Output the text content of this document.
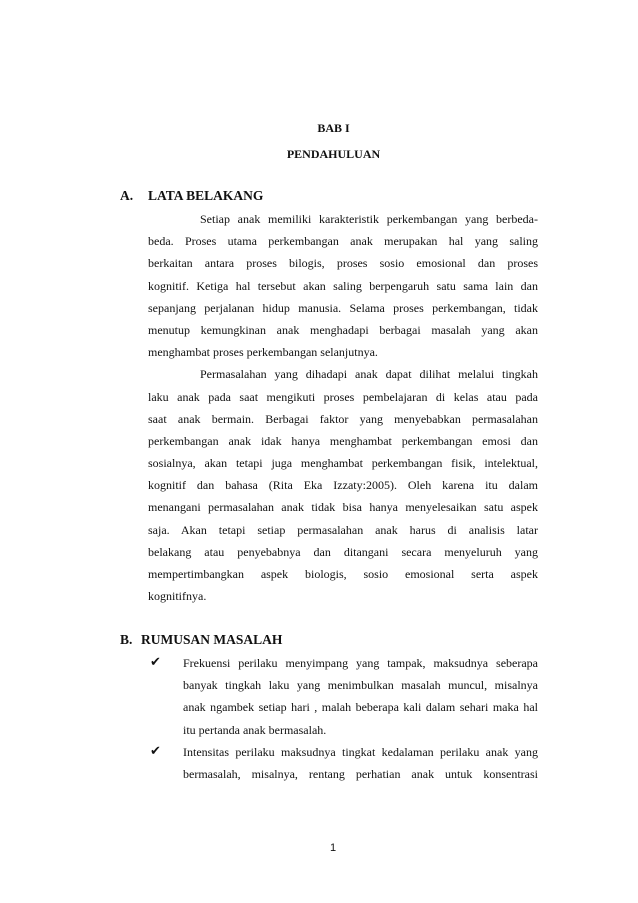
BAB I
PENDAHULUAN
A. LATA BELAKANG
Setiap anak memiliki karakteristik perkembangan yang berbeda-
beda. Proses utama perkembangan anak merupakan hal yang saling
berkaitan antara proses bilogis, proses sosio emosional dan proses
kognitif. Ketiga hal tersebut akan saling berpengaruh satu sama lain dan
sepanjang perjalanan hidup manusia. Selama proses perkembangan, tidak
menutup kemungkinan anak menghadapi berbagai masalah yang akan
menghambat proses perkembangan selanjutnya.
Permasalahan yang dihadapi anak dapat dilihat melalui tingkah
laku anak pada saat mengikuti proses pembelajaran di kelas atau pada
saat anak bermain. Berbagai faktor yang menyebabkan permasalahan
perkembangan anak idak hanya menghambat perkembangan emosi dan
sosialnya, akan tetapi juga menghambat perkembangan fisik, intelektual,
kognitif dan bahasa (Rita Eka Izzaty:2005). Oleh karena itu dalam
menangani permasalahan anak tidak bisa hanya menyelesaikan satu aspek
saja. Akan tetapi setiap permasalahan anak harus di analisis latar
belakang atau penyebabnya dan ditangani secara menyeluruh yang
mempertimbangkan aspek biologis, sosio emosional serta aspek
kognitifnya.
B. RUMUSAN MASALAH
✔
Frekuensi perilaku menyimpang yang tampak, maksudnya seberapa
banyak tingkah laku yang menimbulkan masalah muncul, misalnya
anak ngambek setiap hari , malah beberapa kali dalam sehari maka hal
itu pertanda anak bermasalah.
✔
Intensitas perilaku maksudnya tingkat kedalaman perilaku anak yang
bermasalah, misalnya, rentang perhatian anak untuk konsentrasi
1
